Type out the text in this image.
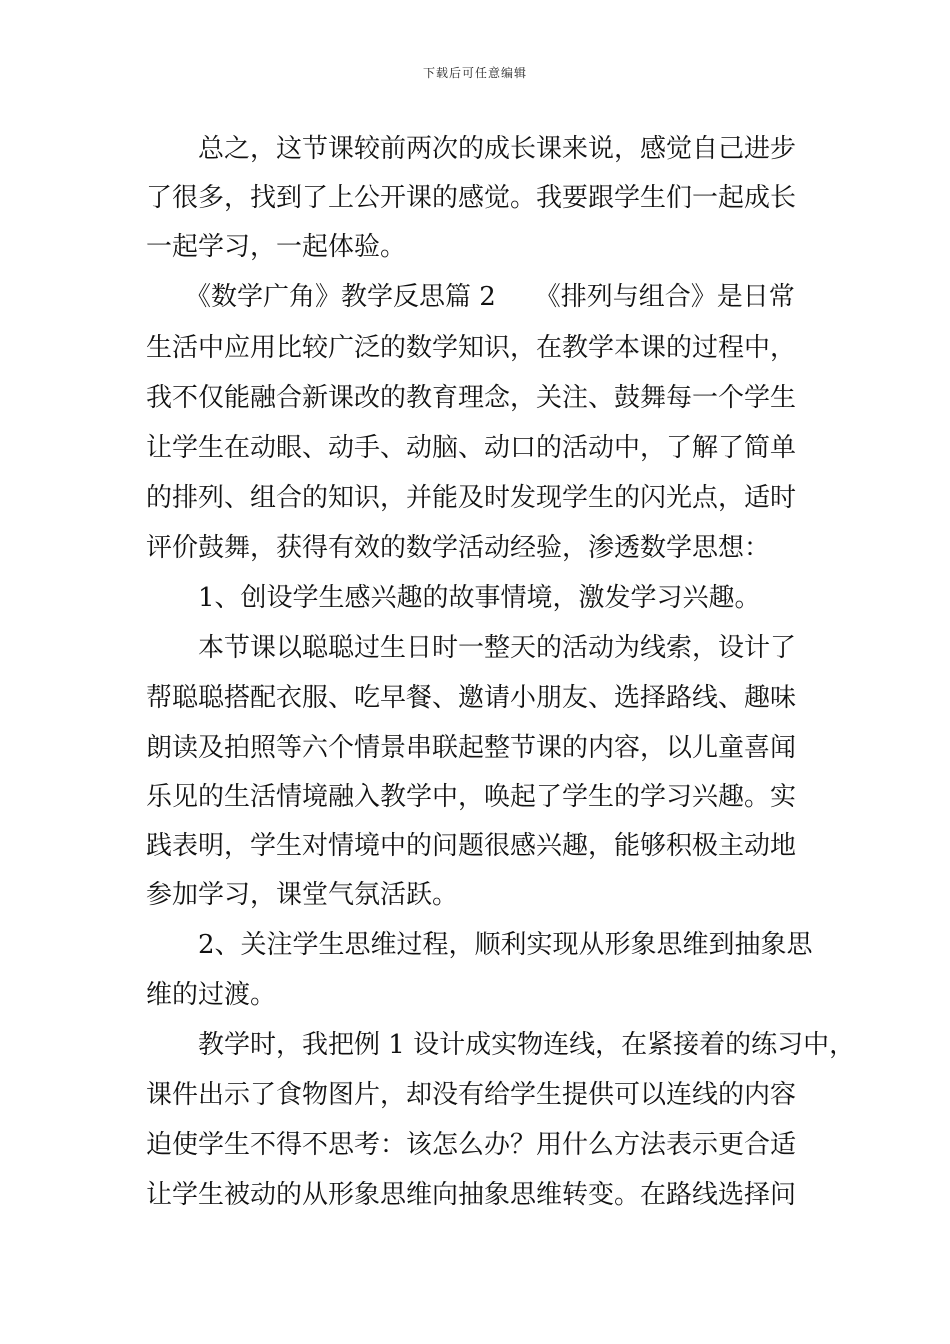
下载后可任意编辑
　　总之，这节课较前两次的成长课来说，感觉自己进步
了很多，找到了上公开课的感觉。我要跟学生们一起成长
一起学习，一起体验。
　　《数学广角》教学反思篇 2　　《排列与组合》是日常
生活中应用比较广泛的数学知识，在教学本课的过程中，
我不仅能融合新课改的教育理念，关注、鼓舞每一个学生
让学生在动眼、动手、动脑、动口的活动中，了解了简单
的排列、组合的知识，并能及时发现学生的闪光点，适时
评价鼓舞，获得有效的数学活动经验，渗透数学思想：
　　1、创设学生感兴趣的故事情境，激发学习兴趣。
　　本节课以聪聪过生日时一整天的活动为线索，设计了
帮聪聪搭配衣服、吃早餐、邀请小朋友、选择路线、趣味
朗读及拍照等六个情景串联起整节课的内容，以儿童喜闻
乐见的生活情境融入教学中，唤起了学生的学习兴趣。实
践表明，学生对情境中的问题很感兴趣，能够积极主动地
参加学习，课堂气氛活跃。
　　2、关注学生思维过程，顺利实现从形象思维到抽象思
维的过渡。
　　教学时，我把例 1 设计成实物连线，在紧接着的练习中，
课件出示了食物图片，却没有给学生提供可以连线的内容
迫使学生不得不思考：该怎么办？用什么方法表示更合适
让学生被动的从形象思维向抽象思维转变。在路线选择问
